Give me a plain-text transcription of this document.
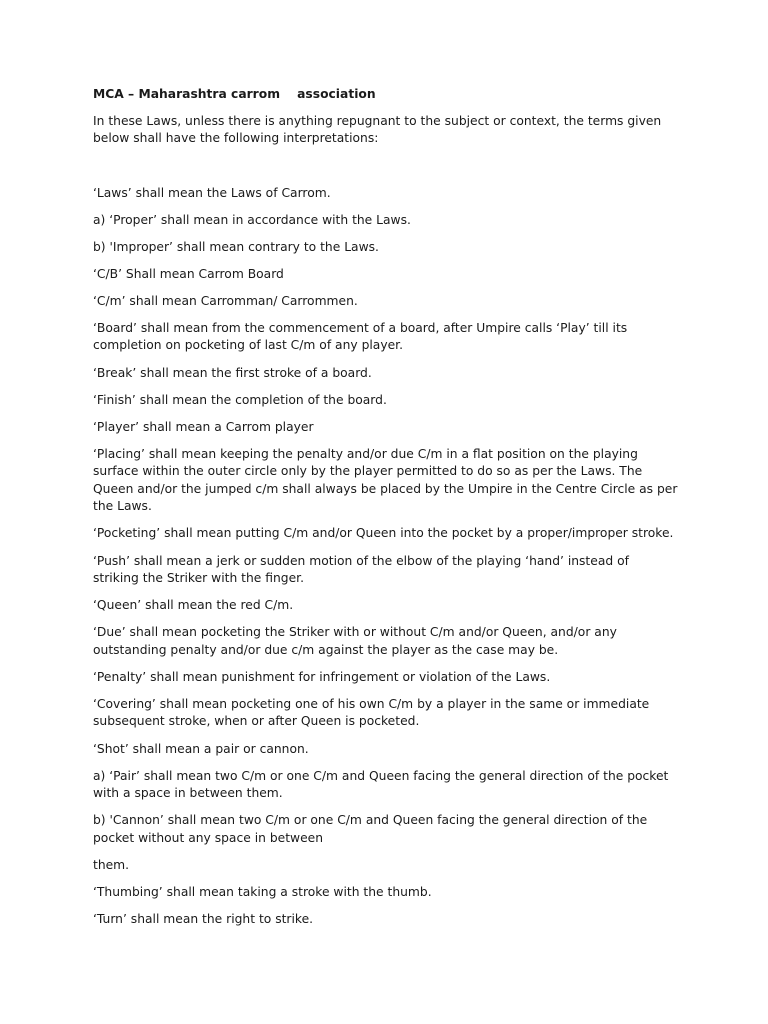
MCA – Maharashtra carrom    association

In these Laws, unless there is anything repugnant to the subject or context, the terms given below shall have the following interpretations:

‘Laws’ shall mean the Laws of Carrom.

a) ‘Proper’ shall mean in accordance with the Laws.

b) 'Improper’ shall mean contrary to the Laws.

‘C/B’ Shall mean Carrom Board

‘C/m’ shall mean Carromman/ Carrommen.

‘Board’ shall mean from the commencement of a board, after Umpire calls ‘Play’ till its completion on pocketing of last C/m of any player.

‘Break’ shall mean the first stroke of a board.

‘Finish’ shall mean the completion of the board.

‘Player’ shall mean a Carrom player

‘Placing’ shall mean keeping the penalty and/or due C/m in a flat position on the playing surface within the outer circle only by the player permitted to do so as per the Laws. The Queen and/or the jumped c/m shall always be placed by the Umpire in the Centre Circle as per the Laws.

‘Pocketing’ shall mean putting C/m and/or Queen into the pocket by a proper/improper stroke.

‘Push’ shall mean a jerk or sudden motion of the elbow of the playing ‘hand’ instead of striking the Striker with the finger.

‘Queen’ shall mean the red C/m.

‘Due’ shall mean pocketing the Striker with or without C/m and/or Queen, and/or any outstanding penalty and/or due c/m against the player as the case may be.

‘Penalty’ shall mean punishment for infringement or violation of the Laws.

‘Covering’ shall mean pocketing one of his own C/m by a player in the same or immediate subsequent stroke, when or after Queen is pocketed.

‘Shot’ shall mean a pair or cannon.

a) ‘Pair’ shall mean two C/m or one C/m and Queen facing the general direction of the pocket with a space in between them.

b) 'Cannon’ shall mean two C/m or one C/m and Queen facing the general direction of the pocket without any space in between

them.

‘Thumbing’ shall mean taking a stroke with the thumb.

‘Turn’ shall mean the right to strike.
